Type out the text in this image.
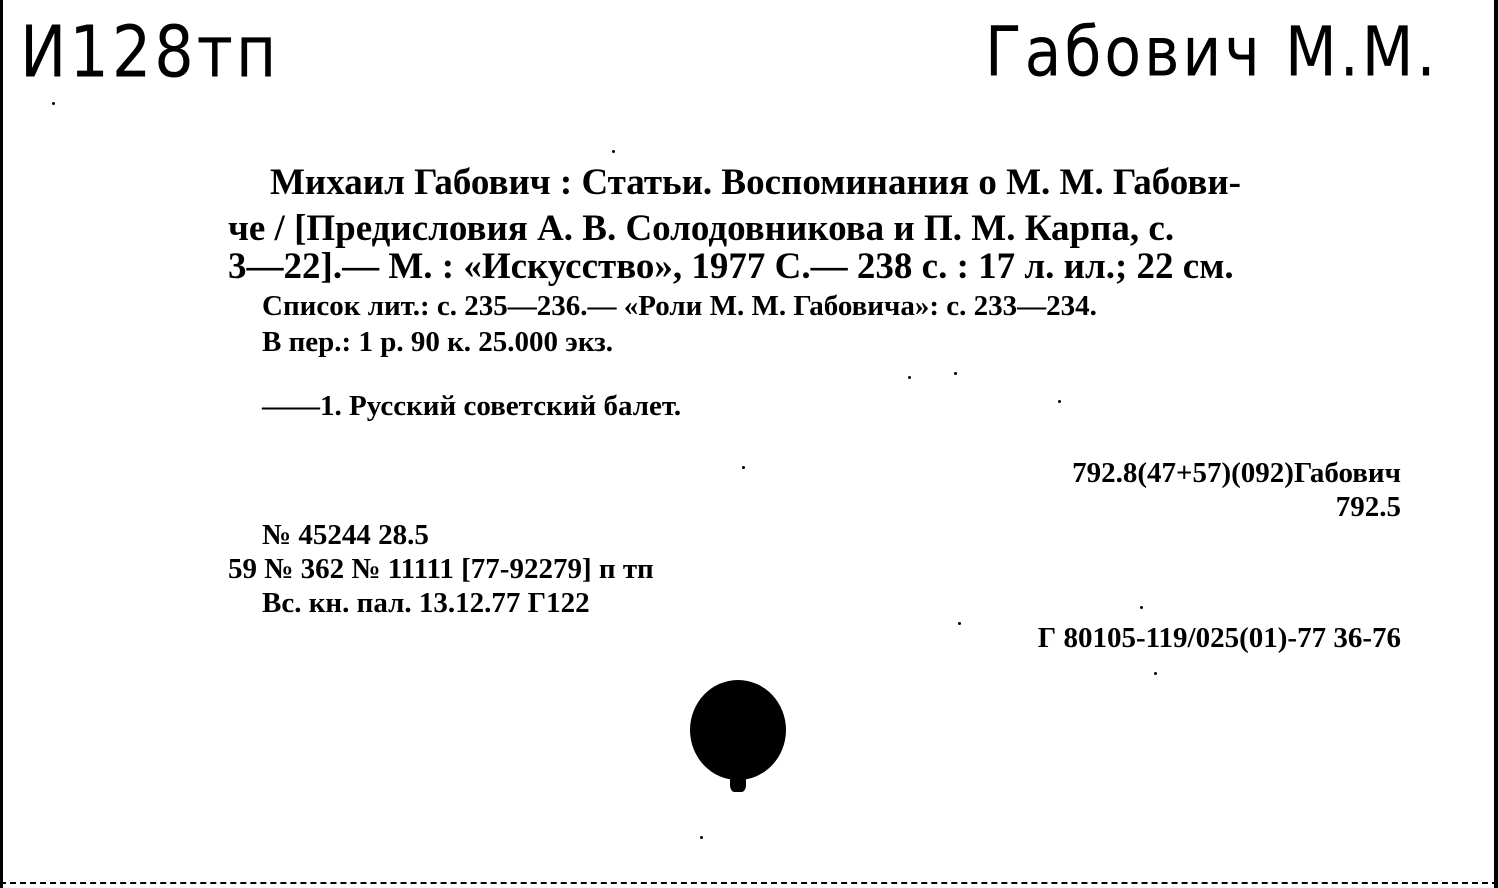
И128тп	Габович М.М.
Михаил Габович : Статьи. Воспоминания о М. М. Габови-
че / [Предисловия А. В. Солодовникова и П. М. Карпа, с.
3—22].— М. : «Искусство», 1977 С.— 238 с. : 17 л. ил.; 22 см.
Список лит.: с. 235—236.— «Роли М. М. Габовича»: с. 233—234.
В пер.: 1 р. 90 к. 25.000 экз.
——1. Русский советский балет.
792.8(47+57)(092)Габович
792.5
№ 45244 28.5
59 № 362 № 11111 [77-92279] п тп
Вс. кн. пал. 13.12.77 Г122
Г 80105-119/025(01)-77 36-76
